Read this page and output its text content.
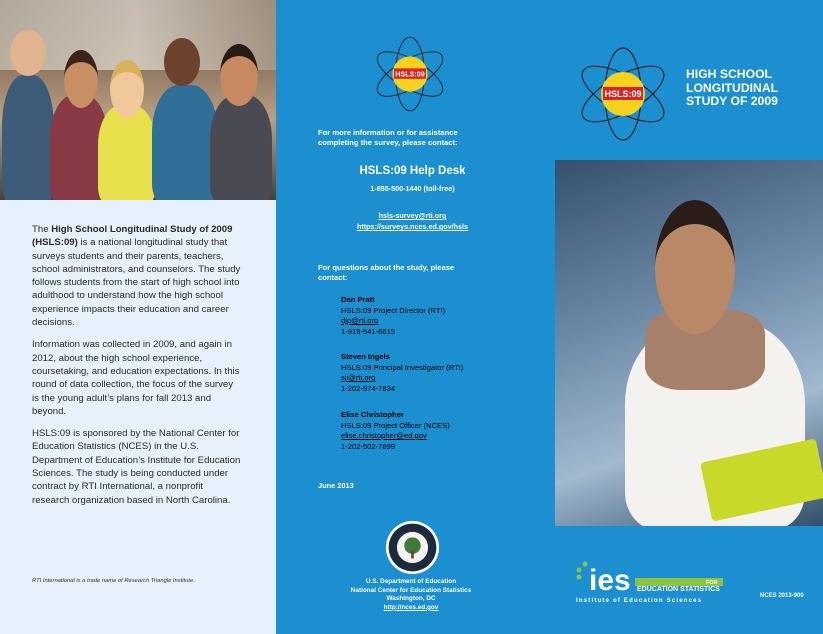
The High School Longitudinal Study of 2009 (HSLS:09) is a national longitudinal study that surveys students and their parents, teachers, school administrators, and counselors. The study follows students from the start of high school into adulthood to understand how the high school experience impacts their education and career decisions.

Information was collected in 2009, and again in 2012, about the high school experience, coursetaking, and education expectations. In this round of data collection, the focus of the survey is the young adult’s plans for fall 2013 and beyond.

HSLS:09 is sponsored by the National Center for Education Statistics (NCES) in the U.S. Department of Education’s Institute for Education Sciences. The study is being conducted under contract by RTI International, a nonprofit research organization based in North Carolina.

RTI International is a trade name of Research Triangle Institute.
HSLS:09
For more information or for assistance completing the survey, please contact:
HSLS:09 Help Desk
1-855-500-1440 (toll-free)
hsls-survey@rti.org
https://surveys.nces.ed.gov/hsls
For questions about the study, please contact:
Dan Pratt
HSLS:09 Project Director (RTI)
djp@rti.org
1-919-541-6615
Steven Ingels
HSLS:09 Principal Investigator (RTI)
sji@rti.org
1-202-974-7834
Elise Christopher
HSLS:09 Project Officer (NCES)
elise.christopher@ed.gov
1-202-502-7899
June 2013
U.S. Department of Education
National Center for Education Statistics
Washington, DC
http://nces.ed.gov
HSLS:09
HIGH SCHOOL LONGITUDINAL STUDY OF 2009
ies NATIONAL CENTER	FOR
EDUCATION STATISTICS
Institute of Education Sciences
NCES 2013-900
